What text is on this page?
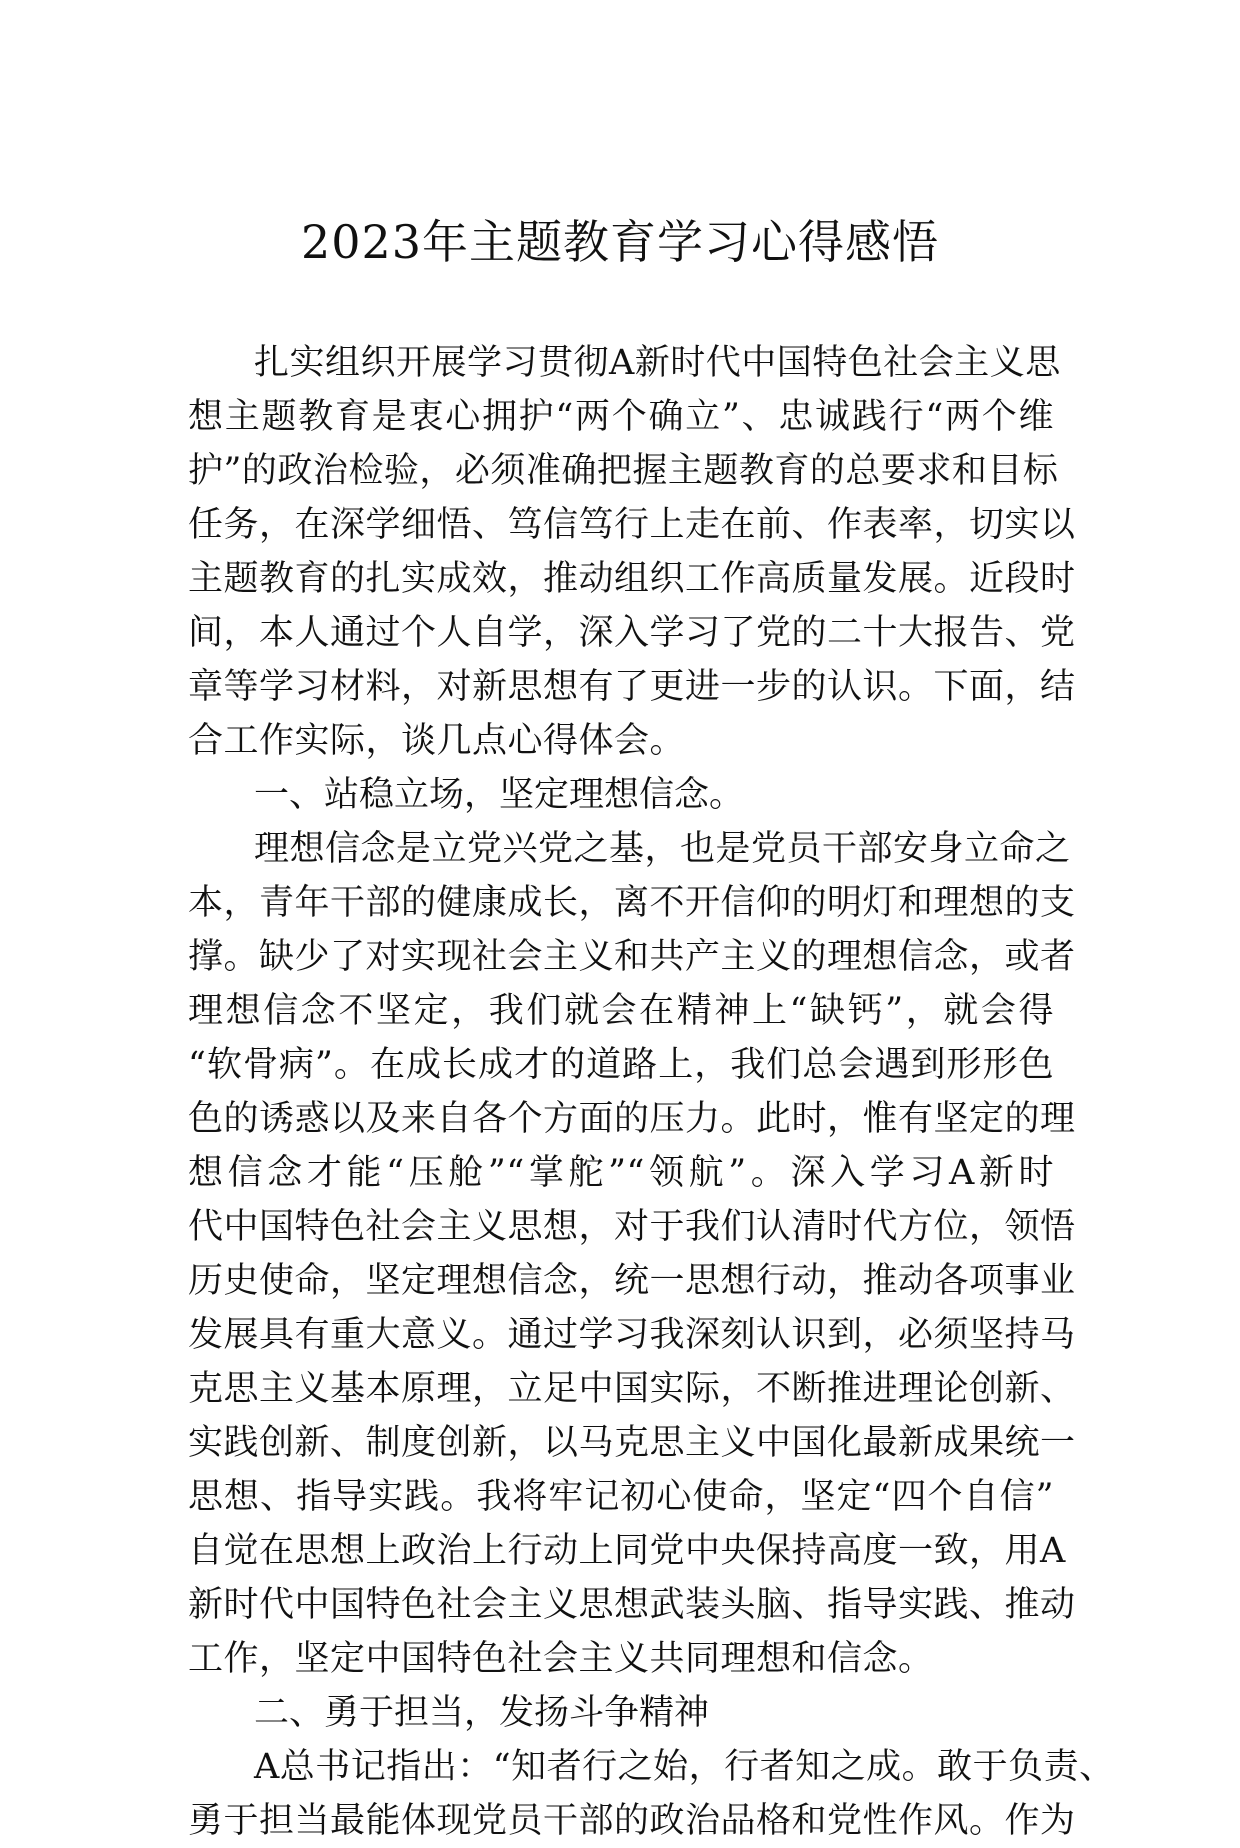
2023年主题教育学习心得感悟
扎实组织开展学习贯彻A新时代中国特色社会主义思
想主题教育是衷心拥护“两个确立”、忠诚践行“两个维
护”的政治检验，必须准确把握主题教育的总要求和目标
任务，在深学细悟、笃信笃行上走在前、作表率，切实以
主题教育的扎实成效，推动组织工作高质量发展。近段时
间，本人通过个人自学，深入学习了党的二十大报告、党
章等学习材料，对新思想有了更进一步的认识。下面，结
合工作实际，谈几点心得体会。
一、站稳立场，坚定理想信念。
理想信念是立党兴党之基，也是党员干部安身立命之
本，青年干部的健康成长，离不开信仰的明灯和理想的支
撑。缺少了对实现社会主义和共产主义的理想信念，或者
理想信念不坚定，我们就会在精神上“缺钙”，就会得
“软骨病”。在成长成才的道路上，我们总会遇到形形色
色的诱惑以及来自各个方面的压力。此时，惟有坚定的理
想信念才能“压舱”“掌舵”“领航”。深入学习A新时
代中国特色社会主义思想，对于我们认清时代方位，领悟
历史使命，坚定理想信念，统一思想行动，推动各项事业
发展具有重大意义。通过学习我深刻认识到，必须坚持马
克思主义基本原理，立足中国实际，不断推进理论创新、
实践创新、制度创新，以马克思主义中国化最新成果统一
思想、指导实践。我将牢记初心使命，坚定“四个自信”
自觉在思想上政治上行动上同党中央保持高度一致，用A
新时代中国特色社会主义思想武装头脑、指导实践、推动
工作，坚定中国特色社会主义共同理想和信念。
二、勇于担当，发扬斗争精神
A总书记指出：“知者行之始，行者知之成。敢于负责、
勇于担当最能体现党员干部的政治品格和党性作风。作为
